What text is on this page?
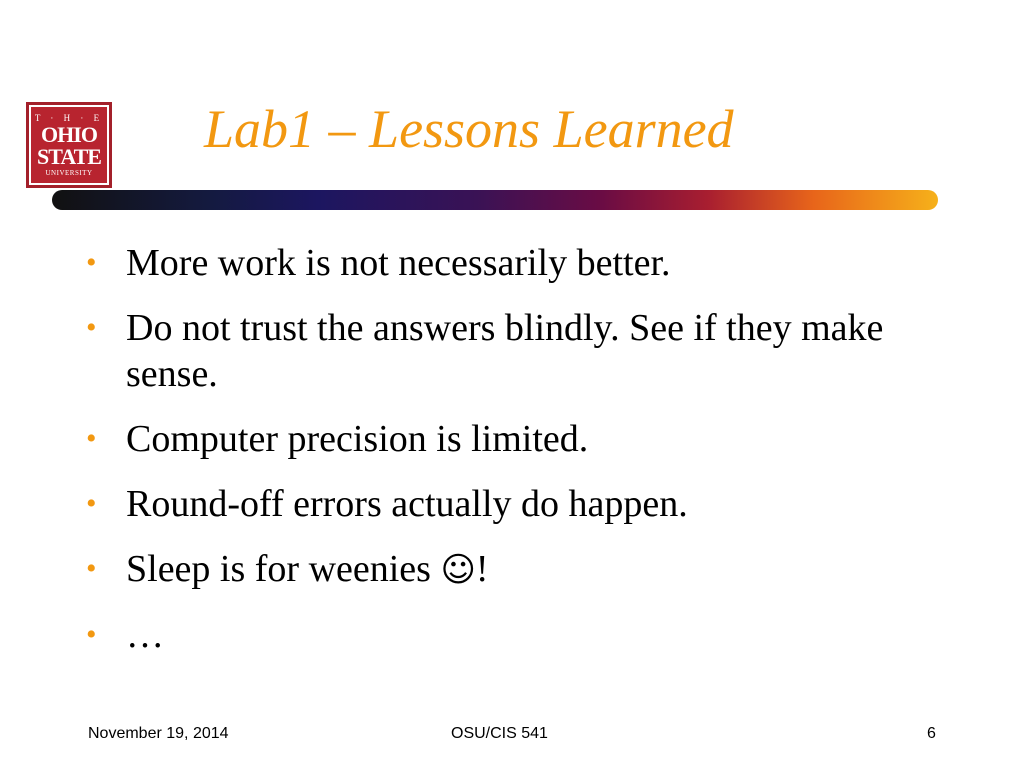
T · H · E
OHIO
STATE
UNIVERSITY
Lab1 – Lessons Learned
• More work is not necessarily better.
• Do not trust the answers blindly. See if they make sense.
• Computer precision is limited.
• Round-off errors actually do happen.
• Sleep is for weenies ☺!
• …
November 19, 2014	OSU/CIS 541	6
